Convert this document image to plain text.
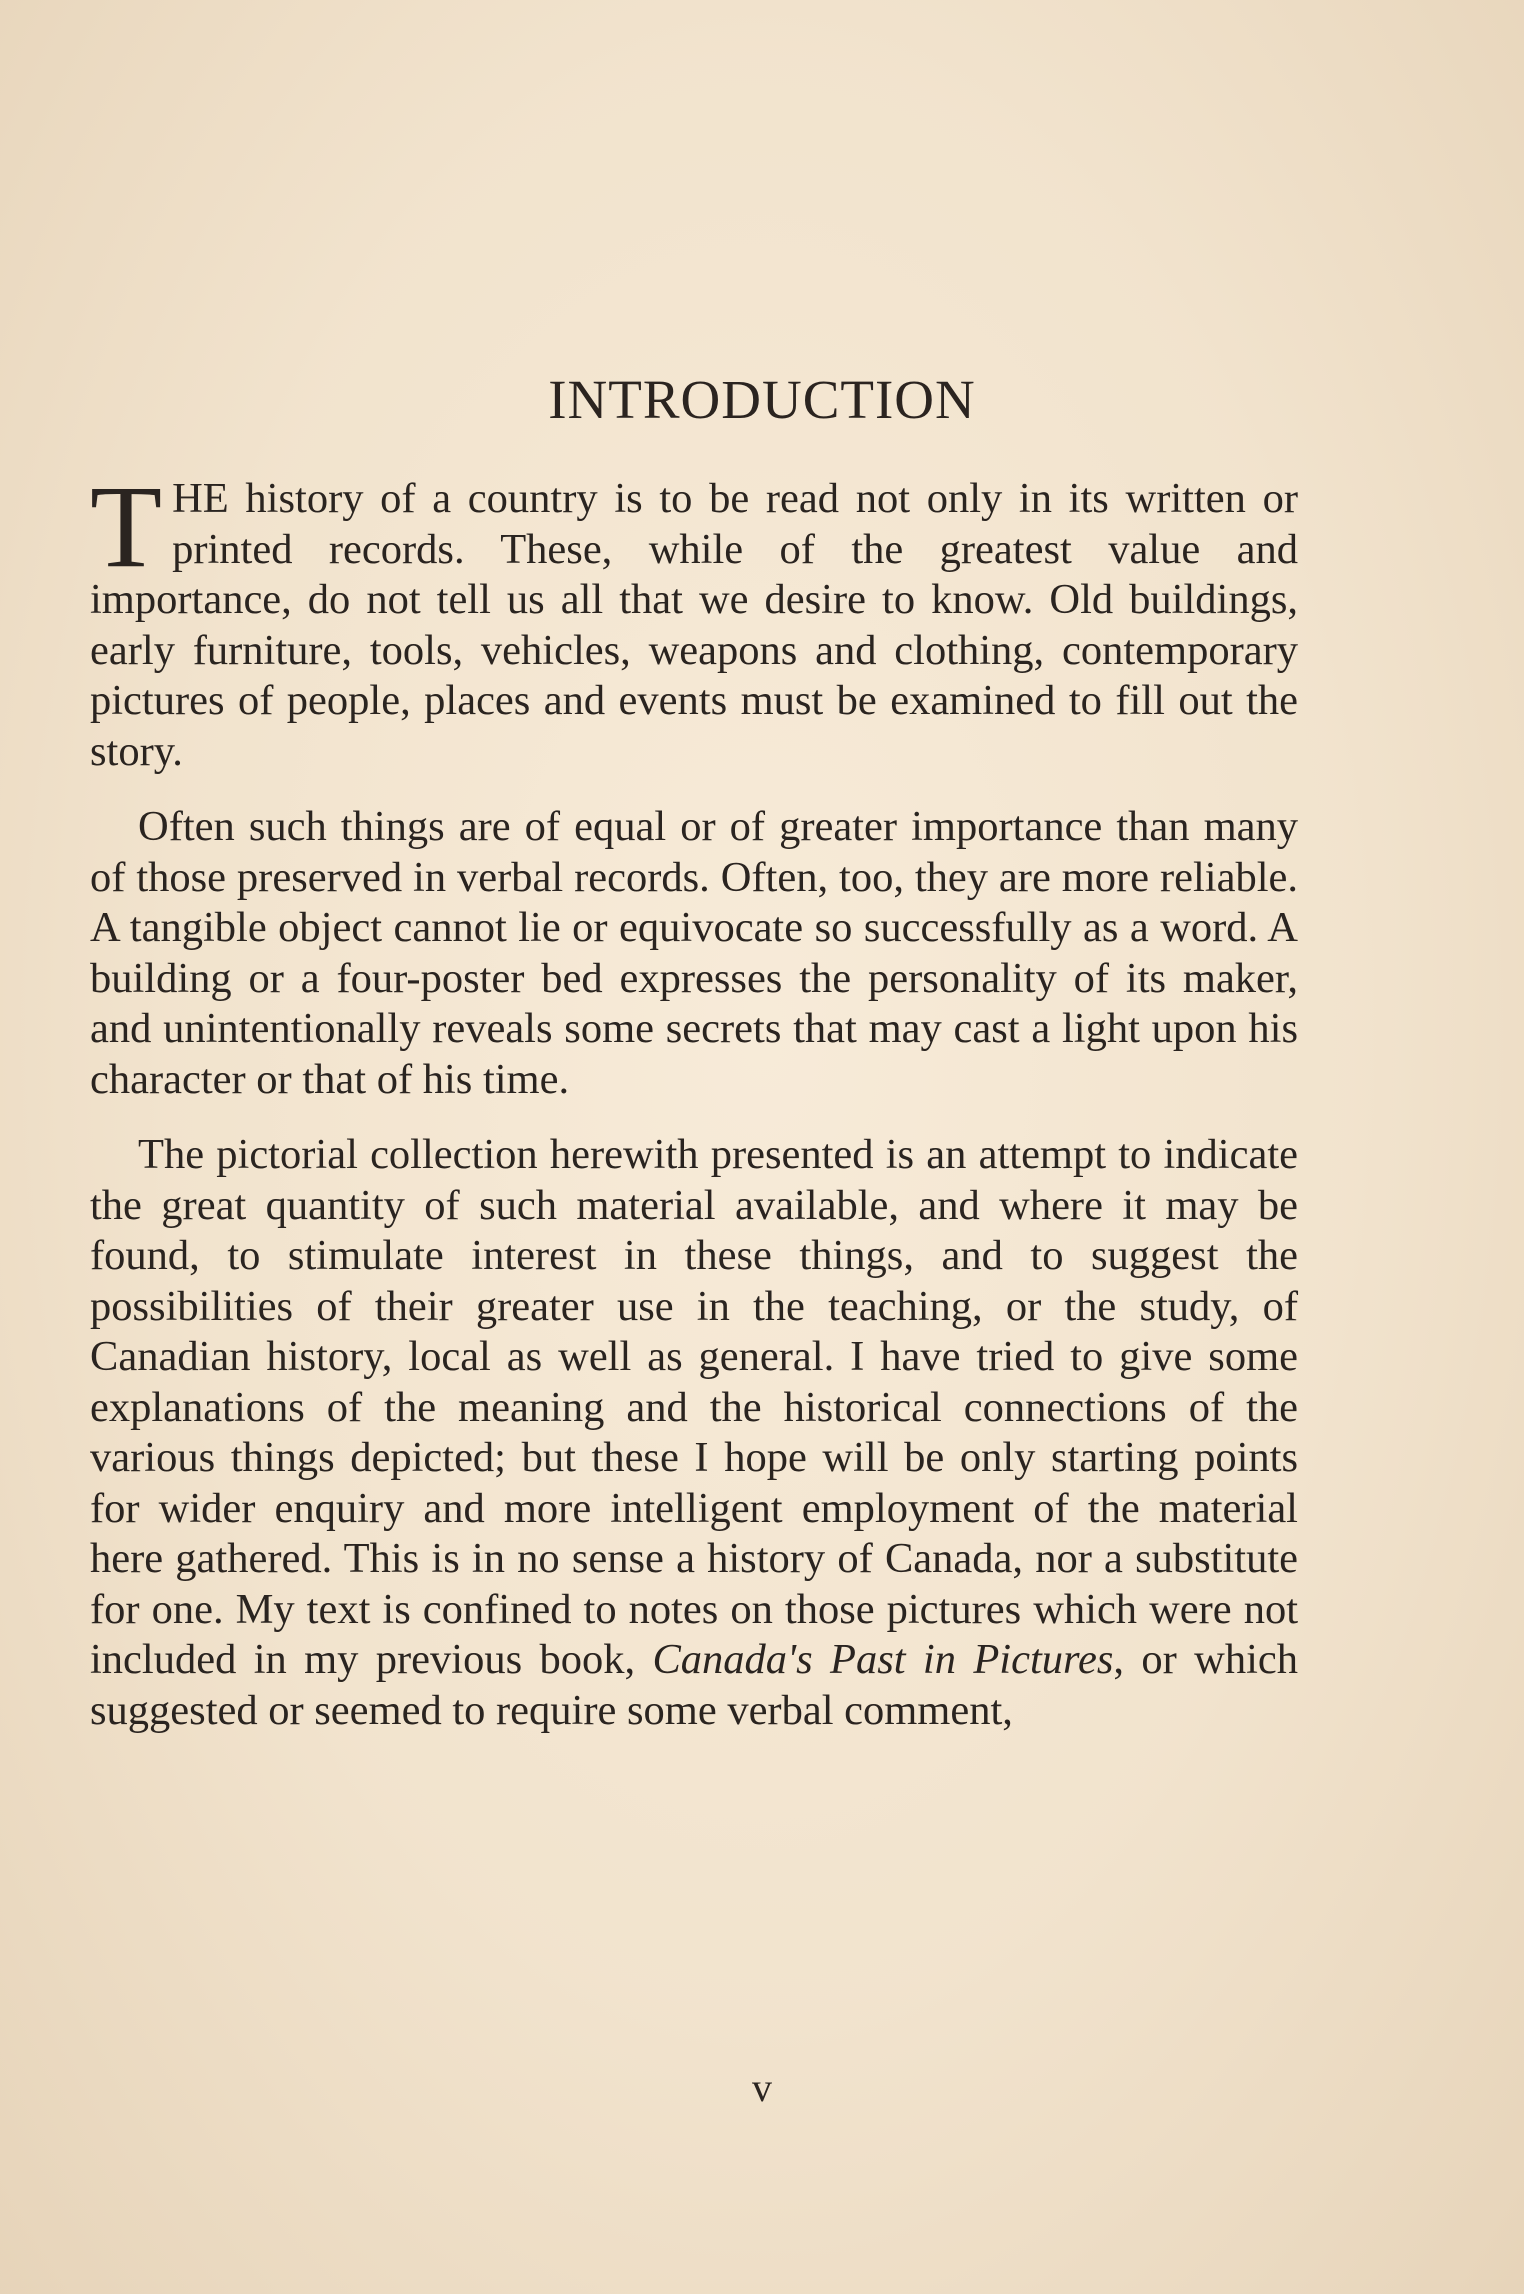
INTRODUCTION

THE history of a country is to be read not only in its written or printed records. These, while of the greatest value and importance, do not tell us all that we desire to know. Old buildings, early furniture, tools, vehicles, weapons and clothing, contemporary pictures of people, places and events must be examined to fill out the story.

Often such things are of equal or of greater importance than many of those preserved in verbal records. Often, too, they are more reliable. A tangible object cannot lie or equivocate so successfully as a word. A building or a four-poster bed expresses the personality of its maker, and unintentionally reveals some secrets that may cast a light upon his character or that of his time.

The pictorial collection herewith presented is an attempt to indicate the great quantity of such material available, and where it may be found, to stimulate interest in these things, and to suggest the possibilities of their greater use in the teaching, or the study, of Canadian history, local as well as general. I have tried to give some explanations of the meaning and the historical connections of the various things depicted; but these I hope will be only starting points for wider enquiry and more intelligent employment of the material here gathered. This is in no sense a history of Canada, nor a substitute for one. My text is confined to notes on those pictures which were not included in my previous book, Canada's Past in Pictures, or which suggested or seemed to require some verbal comment,

v
